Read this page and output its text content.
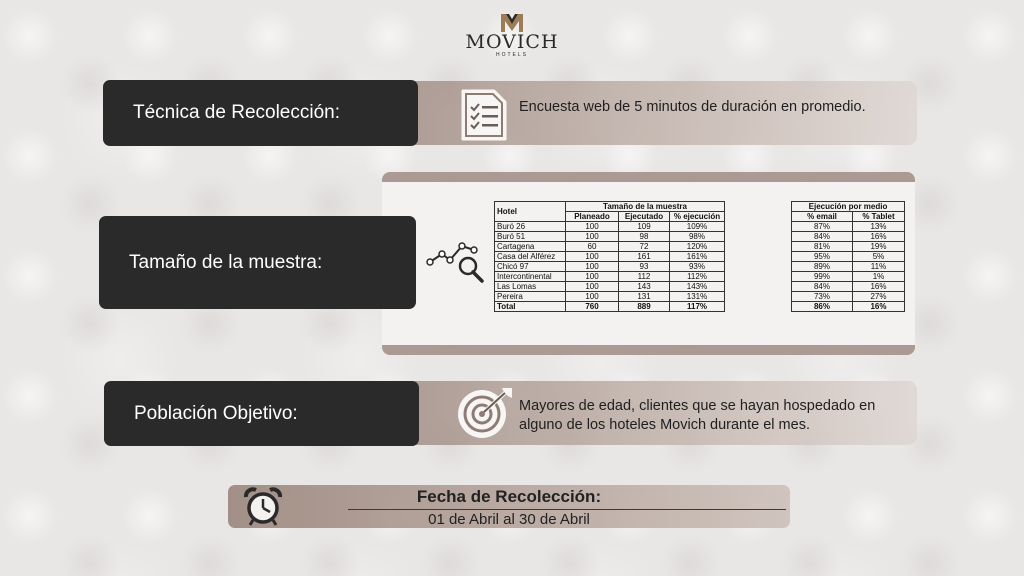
MOVICH
HOTELS
Técnica de Recolección:	Encuesta web de 5 minutos de duración en promedio.
Tamaño de la muestra:
Hotel	Tamaño de la muestra		
	Planeado	Ejecutado	% ejecución
Buró 26	100	109	109%
Buró 51	100	98	98%
Cartagena	60	72	120%
Casa del Alférez	100	161	161%
Chicó 97	100	93	93%
Intercontinental	100	112	112%
Las Lomas	100	143	143%
Pereira	100	131	131%
Total	760	889	117%
Ejecución por medio	
% email	% Tablet
87%	13%
84%	16%
81%	19%
95%	5%
89%	11%
99%	1%
84%	16%
73%	27%
86%	16%
Población Objetivo:	Mayores de edad, clientes que se hayan hospedado en alguno de los hoteles Movich durante el mes.
Fecha de Recolección:
01 de Abril al 30 de Abril
